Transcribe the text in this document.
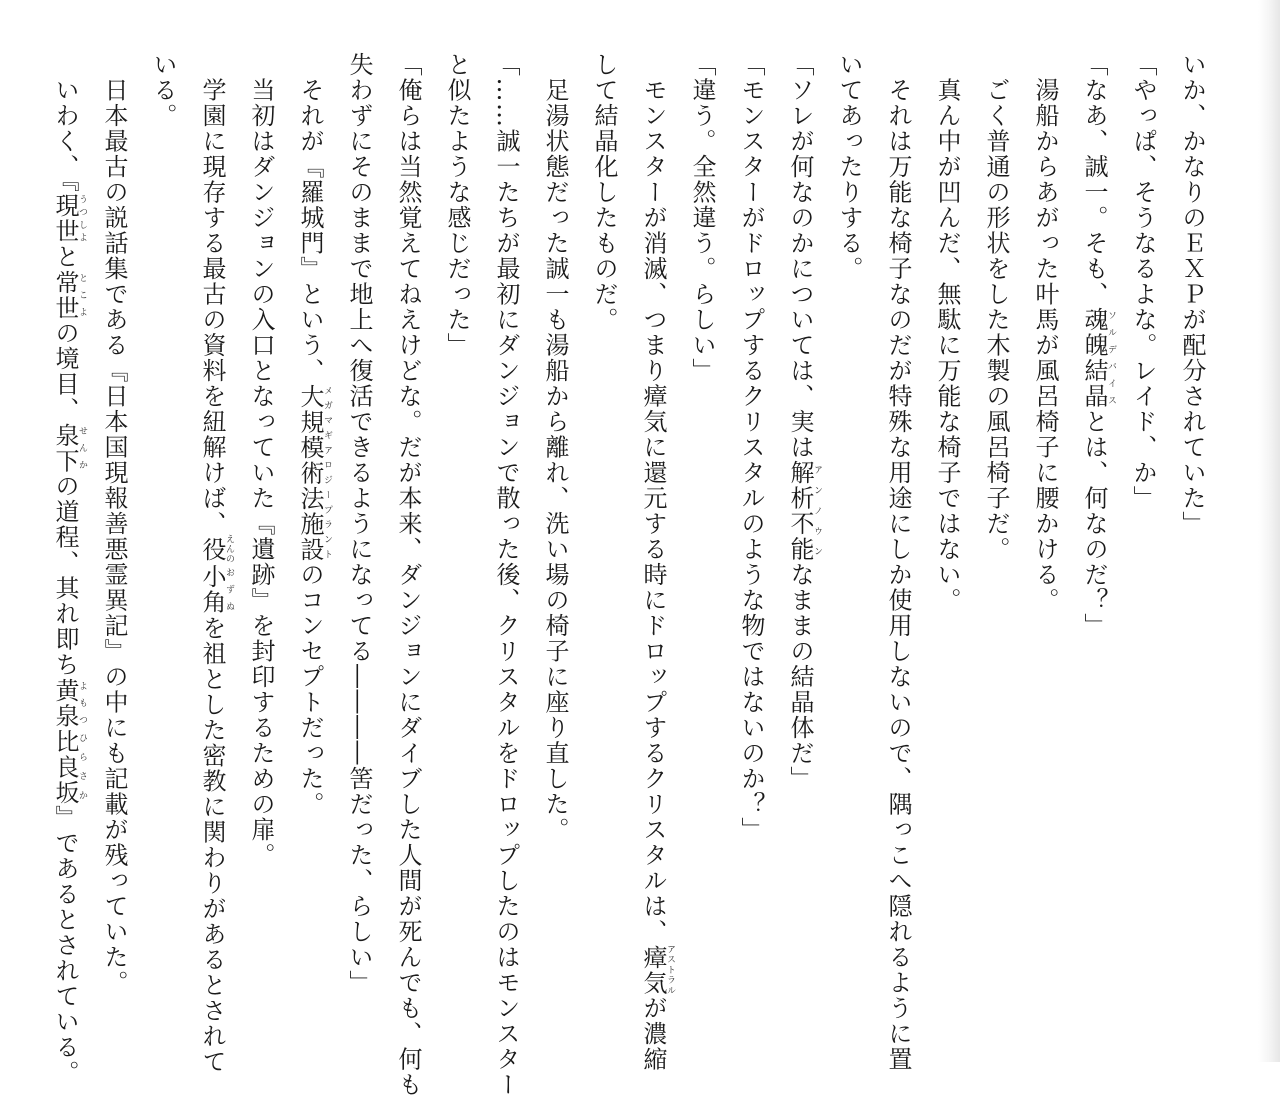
いか、かなりのＥＸＰが配分されていた」
「やっぱ、そうなるよな。レイド、か」
「なあ、誠一。そも、魂魄結晶ソルデバイスとは、何なのだ？」
　湯船からあがった叶馬が風呂椅子に腰かける。
　ごく普通の形状をした木製の風呂椅子だ。
　真ん中が凹んだ、無駄に万能な椅子ではない。
　それは万能な椅子なのだが特殊な用途にしか使用しないので、隅っこへ隠れるように置
いてあったりする。
「ソレが何なのかについては、実は解析不能アンノウンなままの結晶体だ」
「モンスターがドロップするクリスタルのような物ではないのか？」
「違う。全然違う。らしい」
　モンスターが消滅、つまり瘴気に還元する時にドロップするクリスタルは、瘴気アストラルが濃縮
して結晶化したものだ。
　足湯状態だった誠一も湯船から離れ、洗い場の椅子に座り直した。
「……誠一たちが最初にダンジョンで散った後、クリスタルをドロップしたのはモンスター
と似たような感じだった」
「俺らは当然覚えてねえけどな。だが本来、ダンジョンにダイブした人間が死んでも、何も
失わずにそのままで地上へ復活できるようになってる――――筈だった、らしい」
　それが『羅城門』という、大規模術法施設メガマギアロジープラントのコンセプトだった。
　当初はダンジョンの入口となっていた『遺跡』を封印するための扉。
　学園に現存する最古の資料を紐解けば、役えんの小角おずぬを祖とした密教に関わりがあるとされて
いる。
　日本最古の説話集である『日本国現報善悪霊異記』の中にも記載が残っていた。
　いわく、『現世うつしよと常世とこよの境目、泉下せんかの道程、其れ即ち黄泉よもつ比良坂ひらさか』であるとされている。
